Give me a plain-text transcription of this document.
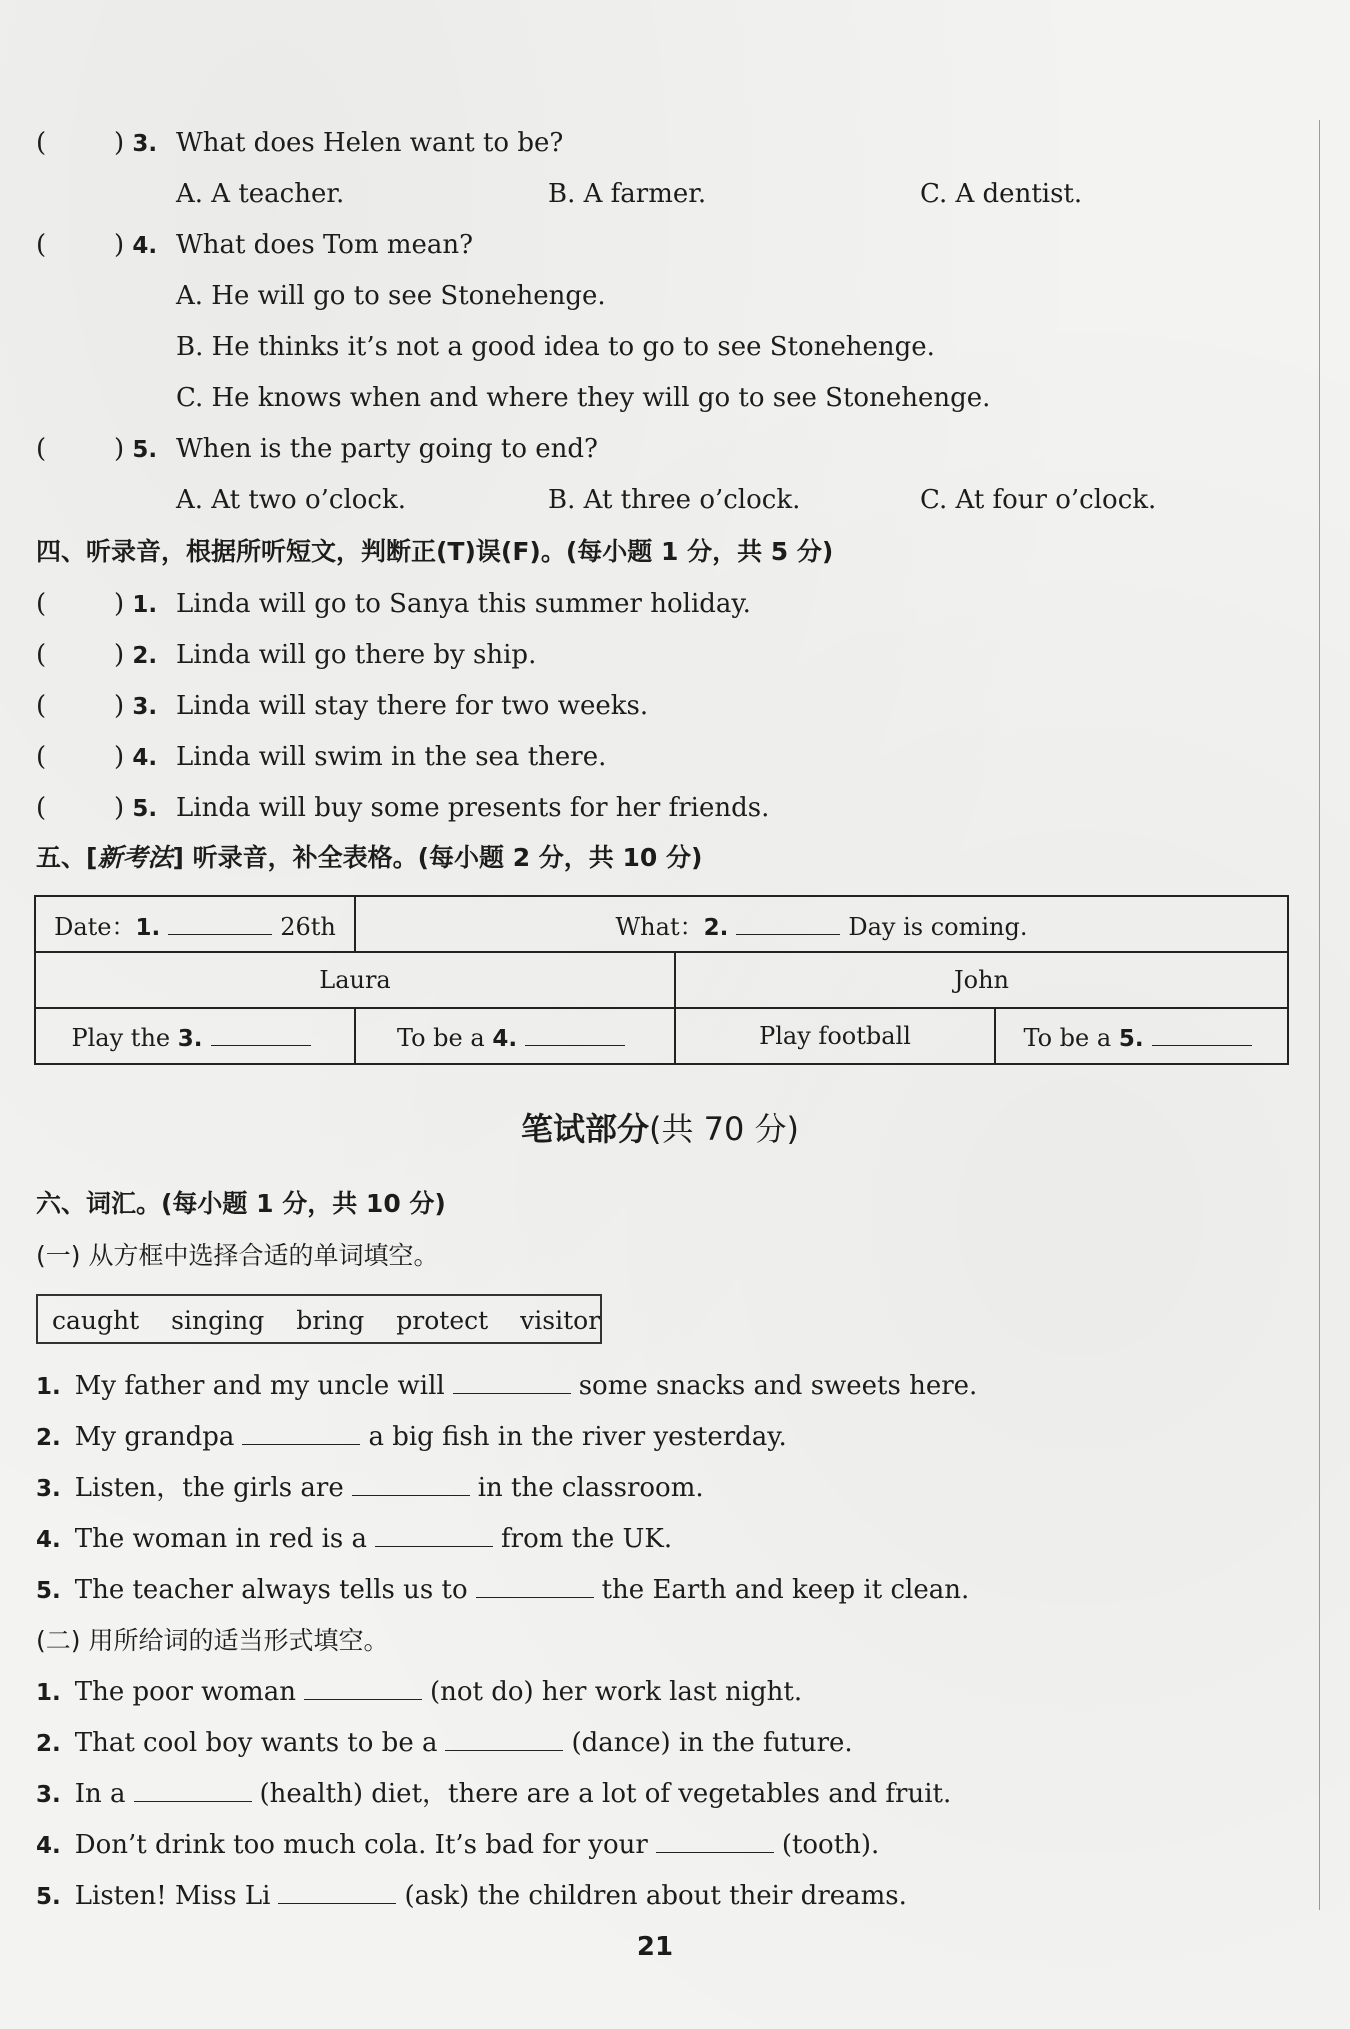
(	) 3. What does Helen want to be?
A. A teacher.	B. A farmer.	C. A dentist.
(	) 4. What does Tom mean?
A. He will go to see Stonehenge.
B. He thinks it’s not a good idea to go to see Stonehenge.
C. He knows when and where they will go to see Stonehenge.
(	) 5. When is the party going to end?
A. At two o’clock.	B. At three o’clock.	C. At four o’clock.
四、听录音，根据所听短文，判断正(T)误(F)。(每小题 1 分，共 5 分)
(	) 1. Linda will go to Sanya this summer holiday.
(	) 2. Linda will go there by ship.
(	) 3. Linda will stay there for two weeks.
(	) 4. Linda will swim in the sea there.
(	) 5. Linda will buy some presents for her friends.
五、[新考法] 听录音，补全表格。(每小题 2 分，共 10 分)
Date：1. 26th	What：2. Day is coming.		
Laura		John	
Play the 3.	To be a 4.	Play football	To be a 5.
笔试部分(共 70 分)
六、词汇。(每小题 1 分，共 10 分)
(一) 从方框中选择合适的单词填空。
caught singing bring protect visitor
1. My father and my uncle will	some snacks and sweets here.
2. My grandpa	a big fish in the river yesterday.
3. Listen，the girls are	in the classroom.
4. The woman in red is a	from the UK.
5. The teacher always tells us to	the Earth and keep it clean.
(二) 用所给词的适当形式填空。
1. The poor woman	(not do) her work last night.
2. That cool boy wants to be a	(dance) in the future.
3. In a	(health) diet，there are a lot of vegetables and fruit.
4. Don’t drink too much cola. It’s bad for your	(tooth).
5. Listen! Miss Li	(ask) the children about their dreams.
21
